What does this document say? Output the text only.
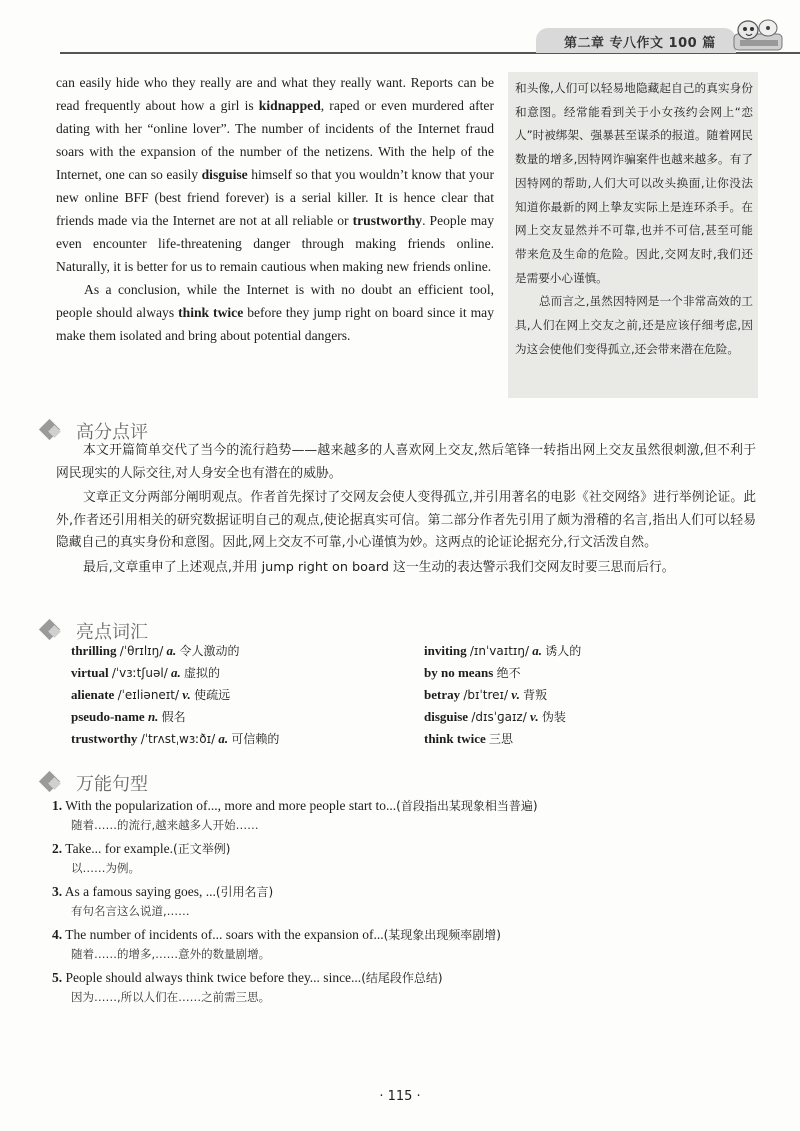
第二章 专八作文 100 篇

can easily hide who they really are and what they really want. Reports can be read frequently about how a girl is kidnapped, raped or even murdered after dating with her “online lover”. The number of incidents of the Internet fraud soars with the expansion of the number of the netizens. With the help of the Internet, one can so easily disguise himself so that you wouldn’t know that your new online BFF (best friend forever) is a serial killer. It is hence clear that friends made via the Internet are not at all reliable or trustworthy. People may even encounter life-threatening danger through making friends online. Naturally, it is better for us to remain cautious when making new friends online.

As a conclusion, while the Internet is with no doubt an efficient tool, people should always think twice before they jump right on board since it may make them isolated and bring about potential dangers.

和头像,人们可以轻易地隐藏起自己的真实身份和意图。经常能看到关于小女孩约会网上“恋人”时被绑架、强暴甚至谋杀的报道。随着网民数量的增多,因特网诈骗案件也越来越多。有了因特网的帮助,人们大可以改头换面,让你没法知道你最新的网上挚友实际上是连环杀手。在网上交友显然并不可靠,也并不可信,甚至可能带来危及生命的危险。因此,交网友时,我们还是需要小心谨慎。

总而言之,虽然因特网是一个非常高效的工具,人们在网上交友之前,还是应该仔细考虑,因为这会使他们变得孤立,还会带来潜在危险。

高分点评

本文开篇简单交代了当今的流行趋势——越来越多的人喜欢网上交友,然后笔锋一转指出网上交友虽然很刺激,但不利于网民现实的人际交往,对人身安全也有潜在的威胁。

文章正文分两部分阐明观点。作者首先探讨了交网友会使人变得孤立,并引用著名的电影《社交网络》进行举例论证。此外,作者还引用相关的研究数据证明自己的观点,使论据真实可信。第二部分作者先引用了颇为滑稽的名言,指出人们可以轻易隐藏自己的真实身份和意图。因此,网上交友不可靠,小心谨慎为妙。这两点的论证论据充分,行文活泼自然。

最后,文章重申了上述观点,并用 jump right on board 这一生动的表达警示我们交网友时要三思而后行。

亮点词汇
thrilling /ˈθrɪlɪŋ/ a. 令人激动的	inviting /ɪnˈvaɪtɪŋ/ a. 诱人的
virtual /ˈvɜːtʃuəl/ a. 虚拟的	by no means 绝不
alienate /ˈeɪliəneɪt/ v. 使疏远	betray /bɪˈtreɪ/ v. 背叛
pseudo-name n. 假名	disguise /dɪsˈɡaɪz/ v. 伪装
trustworthy /ˈtrʌstˌwɜːðɪ/ a. 可信赖的	think twice 三思
万能句型
1. With the popularization of..., more and more people start to...(首段指出某现象相当普遍)
随着……的流行,越来越多人开始……
2. Take... for example.(正文举例)
以……为例。
3. As a famous saying goes, ...(引用名言)
有句名言这么说道,……
4. The number of incidents of... soars with the expansion of...(某现象出现频率剧增)
随着……的增多,……意外的数量剧增。
5. People should always think twice before they... since...(结尾段作总结)
因为……,所以人们在……之前需三思。
· 115 ·
